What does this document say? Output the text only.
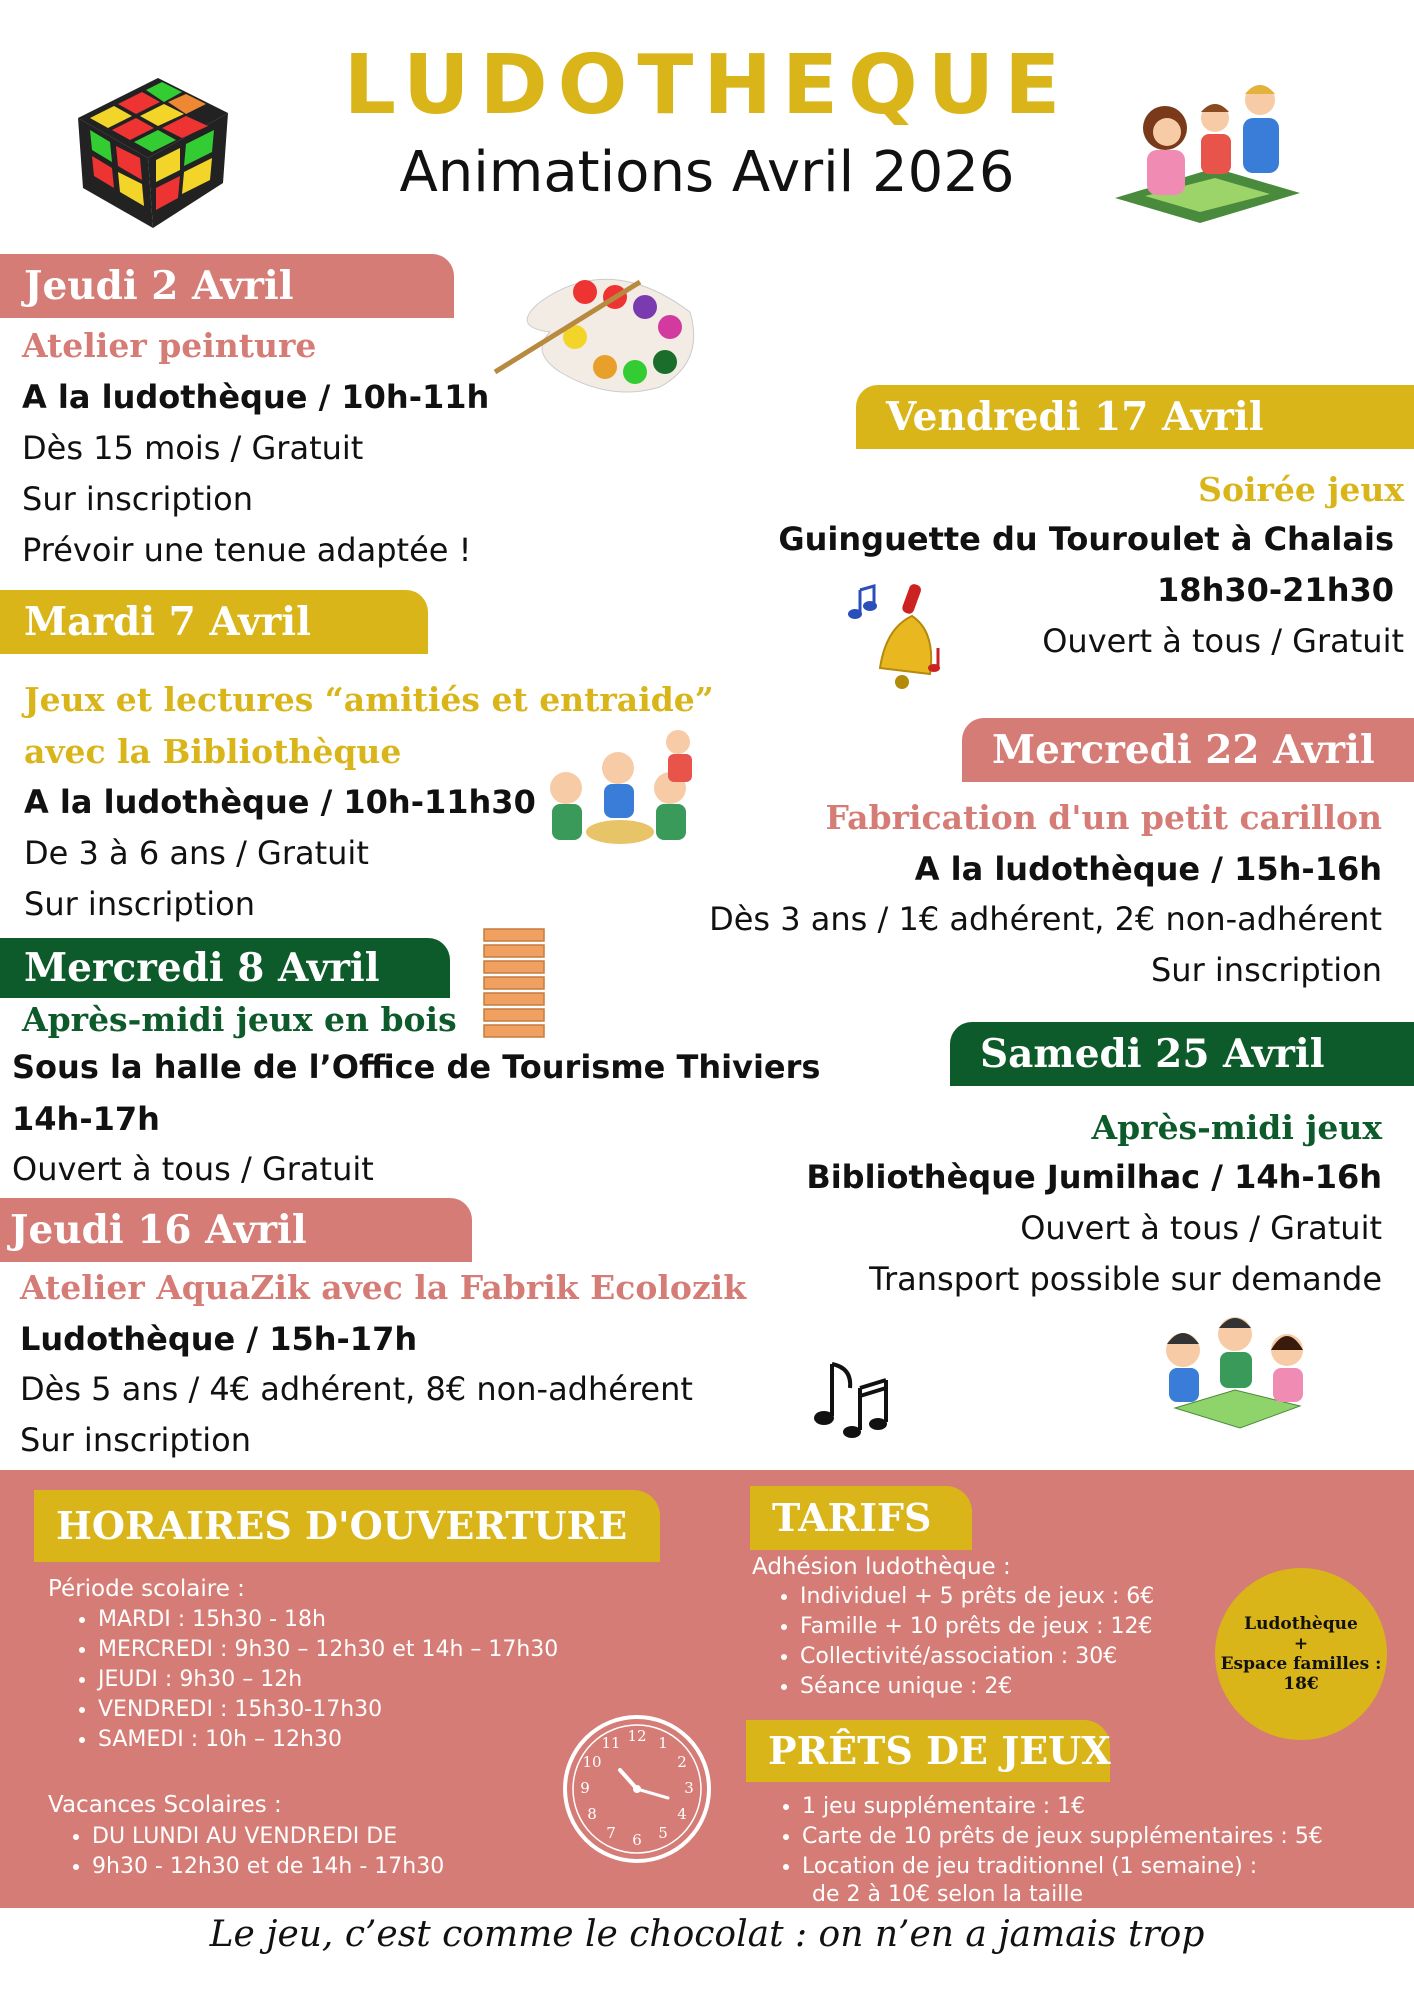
LUDOTHEQUE
Animations Avril 2026
Jeudi 2 Avril
Atelier peinture
A la ludothèque / 10h-11h
Dès 15 mois / Gratuit
Sur inscription
Prévoir une tenue adaptée !
Mardi 7 Avril
Jeux et lectures “amitiés et entraide”
avec la Bibliothèque
A la ludothèque / 10h-11h30
De 3 à 6 ans / Gratuit
Sur inscription
Mercredi 8 Avril
Après-midi jeux en bois
Sous la halle de l’Office de Tourisme Thiviers
14h-17h
Ouvert à tous / Gratuit
Jeudi 16 Avril
Atelier AquaZik avec la Fabrik Ecolozik
Ludothèque / 15h-17h
Dès 5 ans / 4€ adhérent, 8€ non-adhérent
Sur inscription
Vendredi 17 Avril
Soirée jeux
Guinguette du Touroulet à Chalais
18h30-21h30
Ouvert à tous / Gratuit
Mercredi 22 Avril
Fabrication d'un petit carillon
A la ludothèque / 15h-16h
Dès 3 ans / 1€ adhérent, 2€ non-adhérent
Sur inscription
Samedi 25 Avril
Après-midi jeux
Bibliothèque Jumilhac / 14h-16h
Ouvert à tous / Gratuit
Transport possible sur demande
HORAIRES D'OUVERTURE
Période scolaire :
• MARDI : 15h30 - 18h
• MERCREDI : 9h30 – 12h30 et 14h – 17h30
• JEUDI : 9h30 – 12h
• VENDREDI : 15h30-17h30
• SAMEDI : 10h – 12h30
Vacances Scolaires :
• DU LUNDI AU VENDREDI DE
• 9h30 - 12h30 et de 14h - 17h30
12 1
2
3
4
5
6
7
8
9
10
11
TARIFS
Adhésion ludothèque :
• Individuel + 5 prêts de jeux : 6€
• Famille + 10 prêts de jeux : 12€
• Collectivité/association : 30€
• Séance unique : 2€
Ludothèque
+
Espace familles :
18€
PRÊTS DE JEUX
• 1 jeu supplémentaire : 1€
• Carte de 10 prêts de jeux supplémentaires : 5€
• Location de jeu traditionnel (1 semaine) :
de 2 à 10€ selon la taille
Le jeu, c’est comme le chocolat : on n’en a jamais trop
